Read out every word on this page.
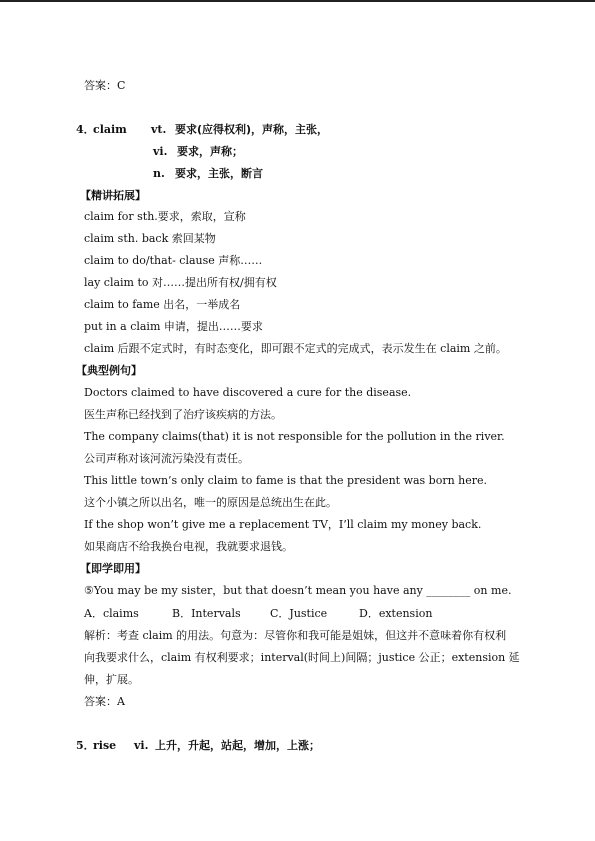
答案：C
4．
claim vt. 要求(应得权利)，声称，主张，
vi. 要求，声称；
n. 要求，主张，断言
【精讲拓展】
claim for sth.要求，索取，宣称
claim sth. back 索回某物
claim to do/that- clause 声称……
lay claim to 对……提出所有权/拥有权
claim to fame 出名，一举成名
put in a claim 申请，提出……要求
claim 后跟不定式时，有时态变化，即可跟不定式的完成式，表示发生在 claim 之前。
【典型例句】
Doctors claimed to have discovered a cure for the disease.
医生声称已经找到了治疗该疾病的方法。
The company claims(that) it is not responsible for the pollution in the river.
公司声称对该河流污染没有责任。
This little town’s only claim to fame is that the president was born here.
这个小镇之所以出名，唯一的原因是总统出生在此。
If the shop won’t give me a replacement TV，I’ll claim my money back.
如果商店不给我换台电视，我就要求退钱。
【即学即用】
⑤You may be my sister，but that doesn’t mean you have any ________ on me.
A．claims	B．Intervals	C．Justice	D．extension
解析：考查 claim 的用法。句意为：尽管你和我可能是姐妹，但这并不意味着你有权利
向我要求什么，claim 有权利要求；interval(时间上)间隔；justice 公正；extension 延
伸，扩展。
答案：A
5．
rise vi. 上升，升起，站起，增加，上涨；
